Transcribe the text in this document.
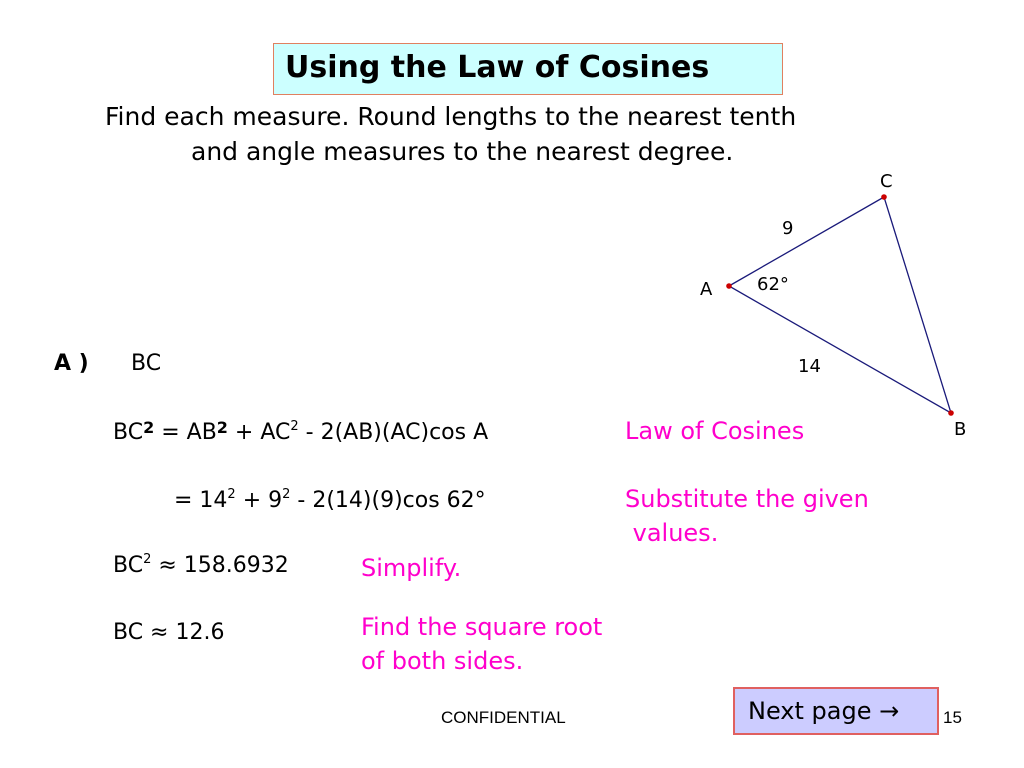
Using the Law of Cosines
Find each measure. Round lengths to the nearest tenth
and angle measures to the nearest degree.
C
A
B
9
62°
14
A ) BC
$BC^2 = AB^2 + AC^2 - 2(AB)(AC)\cos$ A	Law of Cosines
= $14^2 + 9^2 - 2(14)(9)\cos$ 62°	Substitute the given
values.
$BC^2 \approx 158.6932$	Simplify.
BC ≈ 12.6	Find the square root
of both sides.
CONFIDENTIAL	Next page →	15
